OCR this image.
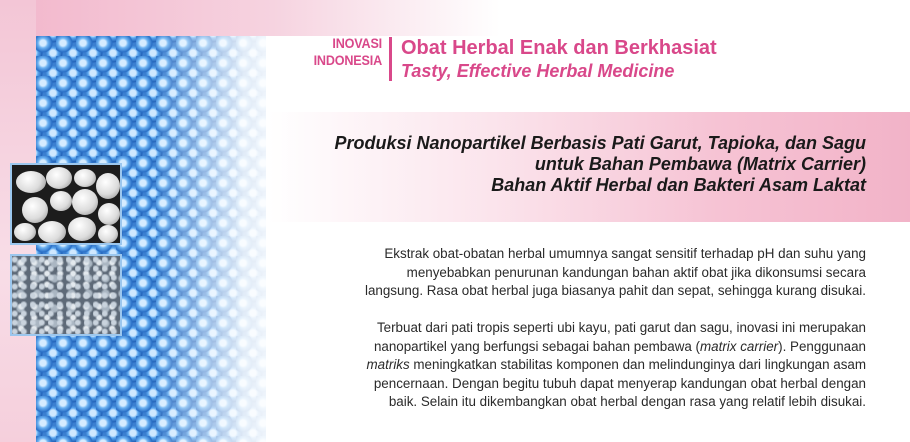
INOVASI
INDONESIA
Obat Herbal Enak dan Berkhasiat
Tasty, Effective Herbal Medicine
Produksi Nanopartikel Berbasis Pati Garut, Tapioka, dan Sagu
untuk Bahan Pembawa (Matrix Carrier)
Bahan Aktif Herbal dan Bakteri Asam Laktat
Ekstrak obat-obatan herbal umumnya sangat sensitif terhadap pH dan suhu yang
menyebabkan penurunan kandungan bahan aktif obat jika dikonsumsi secara
langsung. Rasa obat herbal juga biasanya pahit dan sepat, sehingga kurang disukai.
Terbuat dari pati tropis seperti ubi kayu, pati garut dan sagu, inovasi ini merupakan
nanopartikel yang berfungsi sebagai bahan pembawa (matrix carrier). Penggunaan
matriks meningkatkan stabilitas komponen dan melindunginya dari lingkungan asam
pencernaan. Dengan begitu tubuh dapat menyerap kandungan obat herbal dengan
baik. Selain itu dikembangkan obat herbal dengan rasa yang relatif lebih disukai.
